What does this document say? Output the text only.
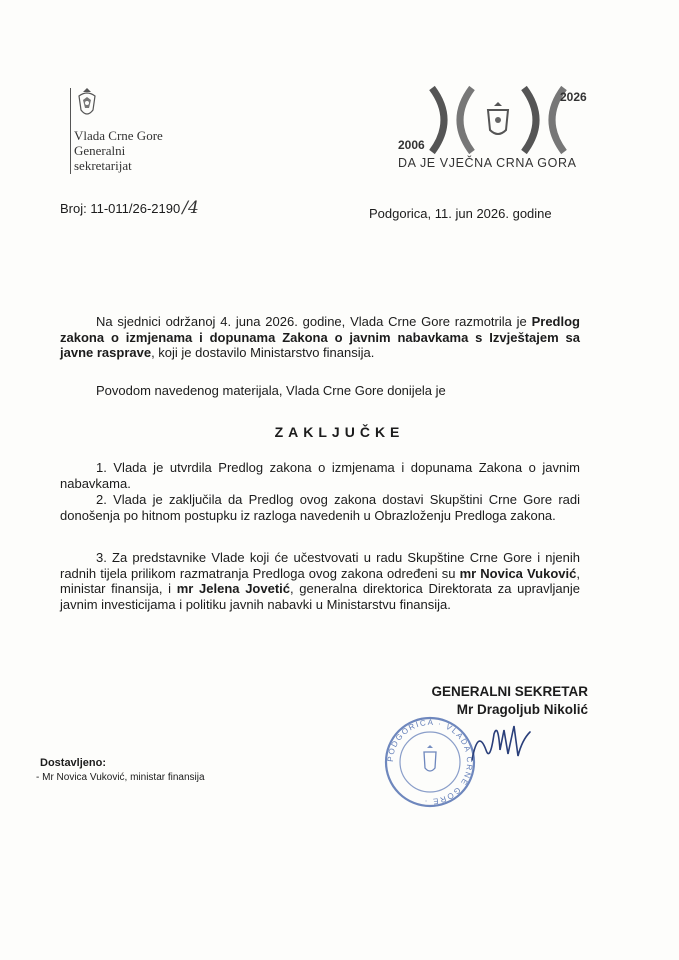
Vlada Crne Gore
Generalni
sekretarijat
2026
2006
DA JE VJEČNA CRNA GORA
Broj: 11-011/26-2190 /4	Podgorica, 11. jun 2026. godine
Na sjednici održanoj 4. juna 2026. godine, Vlada Crne Gore razmotrila je Predlog zakona o izmjenama i dopunama Zakona o javnim nabavkama s Izvještajem sa javne rasprave, koji je dostavilo Ministarstvo finansija.
Povodom navedenog materijala, Vlada Crne Gore donijela je
ZAKLJUČKE
1. Vlada je utvrdila Predlog zakona o izmjenama i dopunama Zakona o javnim nabavkama.
2. Vlada je zaključila da Predlog ovog zakona dostavi Skupštini Crne Gore radi donošenja po hitnom postupku iz razloga navedenih u Obrazloženju Predloga zakona.
3. Za predstavnike Vlade koji će učestvovati u radu Skupštine Crne Gore i njenih radnih tijela prilikom razmatranja Predloga ovog zakona određeni su mr Novica Vuković, ministar finansija, i mr Jelena Jovetić, generalna direktorica Direktorata za upravljanje javnim investicijama i politiku javnih nabavki u Ministarstvu finansija.
GENERALNI SEKRETAR
Mr Dragoljub Nikolić
PODGORICA · VLADA CRNE GORE ·
Dostavljeno:
- Mr Novica Vuković, ministar finansija
